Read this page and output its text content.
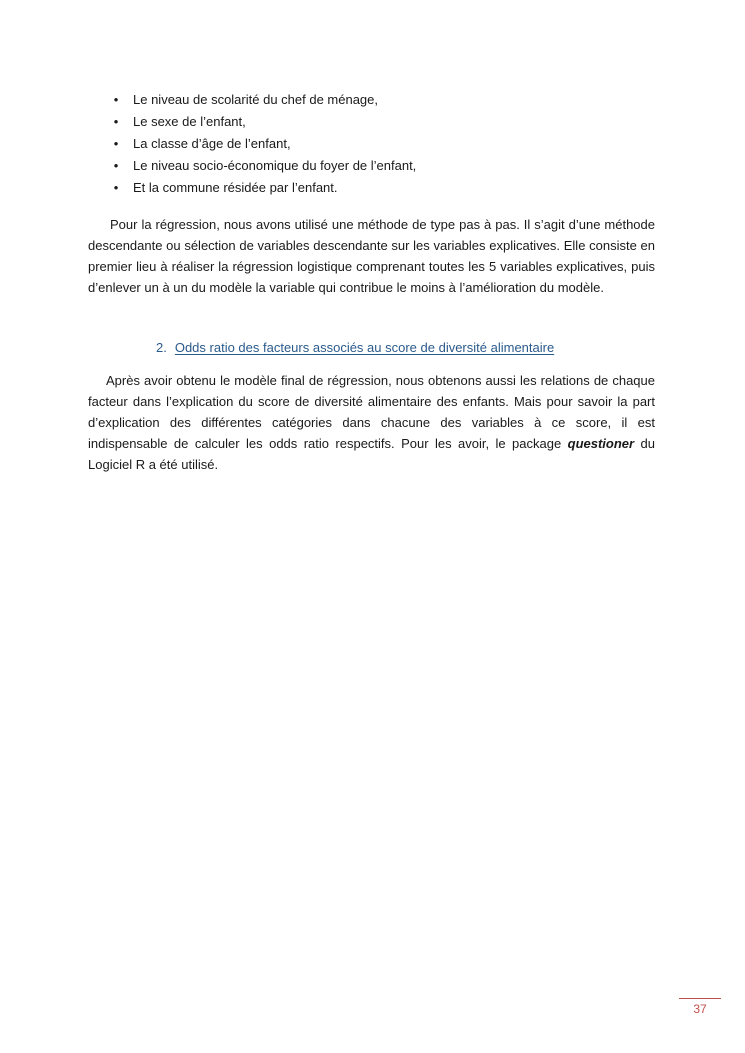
• Le niveau de scolarité du chef de ménage,
• Le sexe de l’enfant,
• La classe d’âge de l’enfant,
• Le niveau socio-économique du foyer de l’enfant,
• Et la commune résidée par l’enfant.

Pour la régression, nous avons utilisé une méthode de type pas à pas. Il s’agit d’une méthode descendante ou sélection de variables descendante sur les variables explicatives. Elle consiste en premier lieu à réaliser la régression logistique comprenant toutes les 5 variables explicatives, puis d’enlever un à un du modèle la variable qui contribue le moins à l’amélioration du modèle.

2. Odds ratio des facteurs associés au score de diversité alimentaire

Après avoir obtenu le modèle final de régression, nous obtenons aussi les relations de chaque facteur dans l’explication du score de diversité alimentaire des enfants. Mais pour savoir la part d’explication des différentes catégories dans chacune des variables à ce score, il est indispensable de calculer les odds ratio respectifs. Pour les avoir, le package questioner du Logiciel R a été utilisé.

37
